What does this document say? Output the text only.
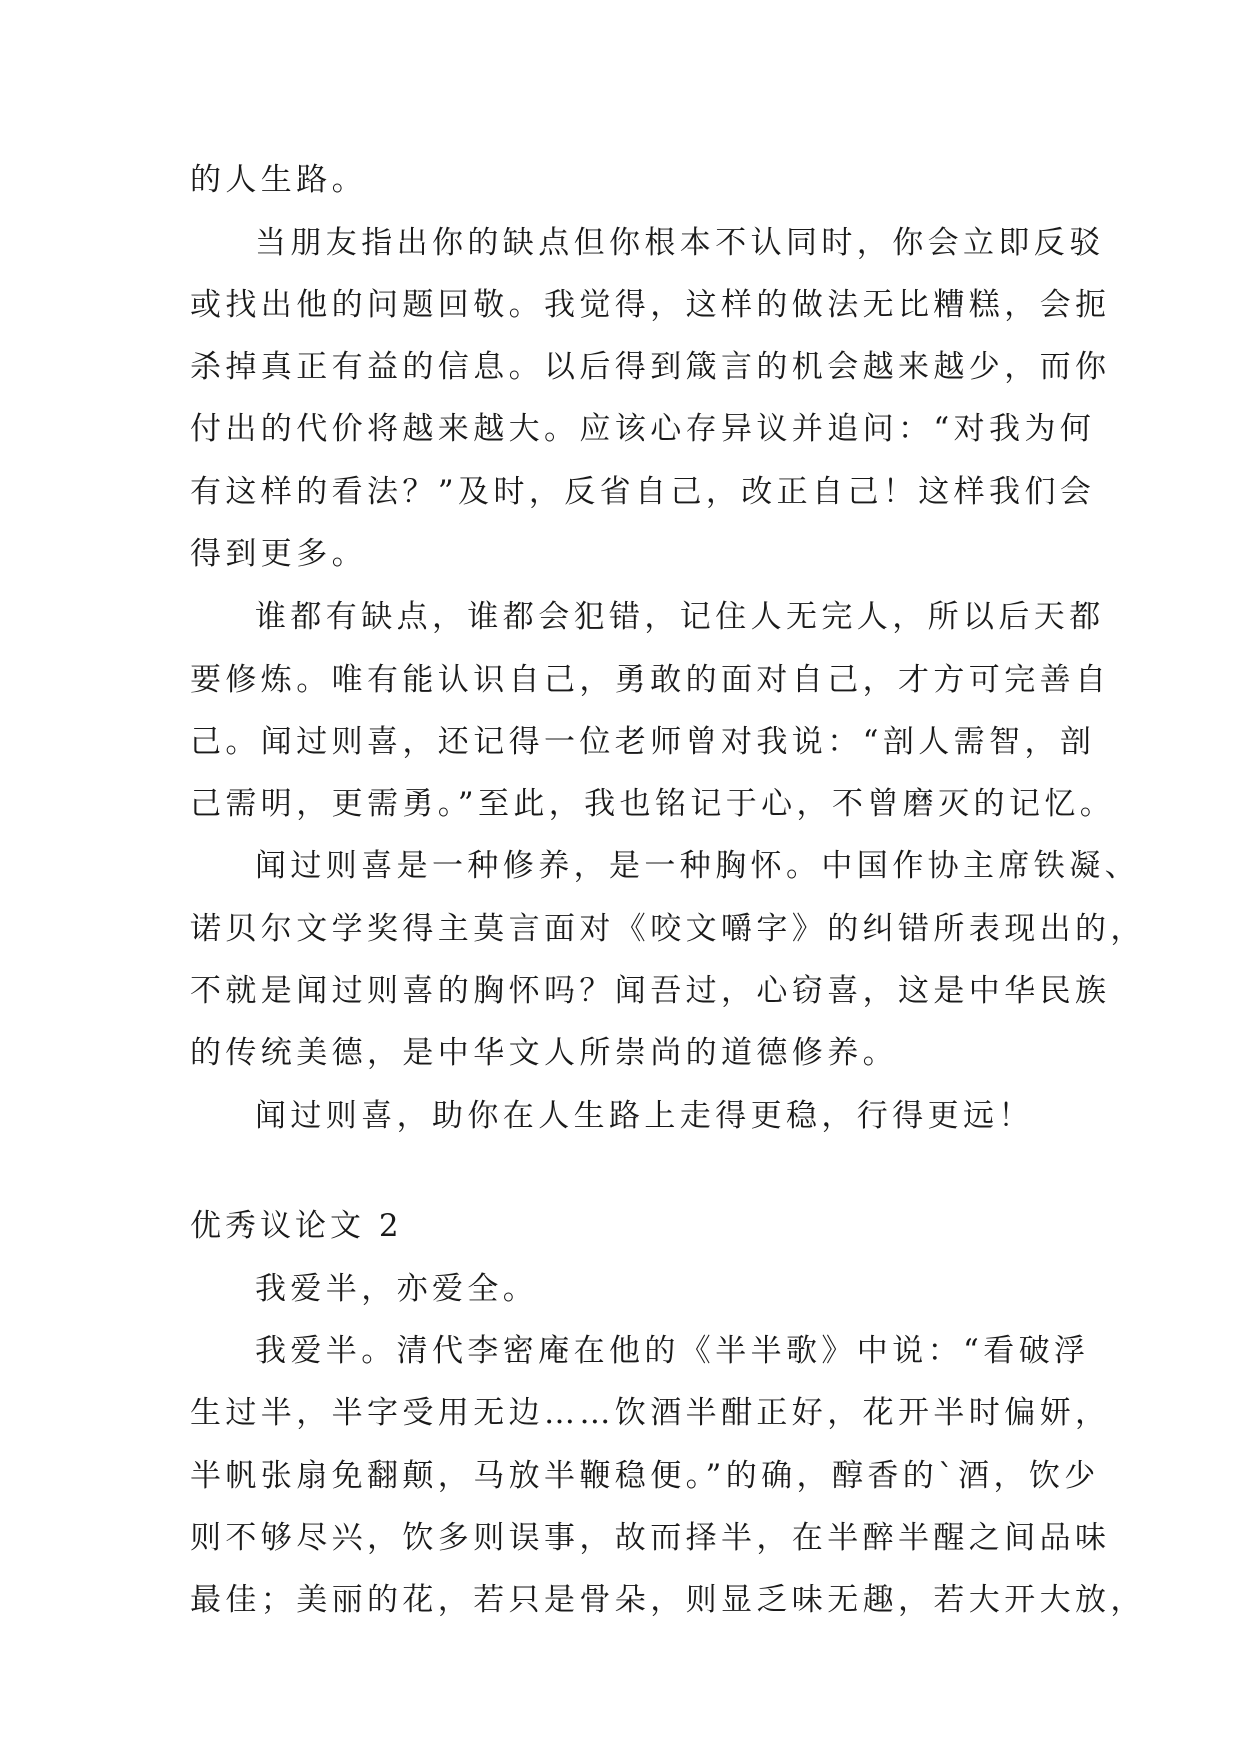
的人生路。
当朋友指出你的缺点但你根本不认同时，你会立即反驳
或找出他的问题回敬。我觉得，这样的做法无比糟糕，会扼
杀掉真正有益的信息。以后得到箴言的机会越来越少，而你
付出的代价将越来越大。应该心存异议并追问：“对我为何
有这样的看法？”及时，反省自己，改正自己！这样我们会
得到更多。
谁都有缺点，谁都会犯错，记住人无完人，所以后天都
要修炼。唯有能认识自己，勇敢的面对自己，才方可完善自
己。闻过则喜，还记得一位老师曾对我说：“剖人需智，剖
己需明，更需勇。”至此，我也铭记于心，不曾磨灭的记忆。
闻过则喜是一种修养，是一种胸怀。中国作协主席铁凝、
诺贝尔文学奖得主莫言面对《咬文嚼字》的纠错所表现出的，
不就是闻过则喜的胸怀吗？闻吾过，心窃喜，这是中华民族
的传统美德，是中华文人所崇尚的道德修养。
闻过则喜，助你在人生路上走得更稳，行得更远！
优秀议论文 2
我爱半，亦爱全。
我爱半。清代李密庵在他的《半半歌》中说：“看破浮
生过半，半字受用无边……饮酒半酣正好，花开半时偏妍，
半帆张扇免翻颠，马放半鞭稳便。”的确，醇香的`酒，饮少
则不够尽兴，饮多则误事，故而择半，在半醉半醒之间品味
最佳；美丽的花，若只是骨朵，则显乏味无趣，若大开大放，
